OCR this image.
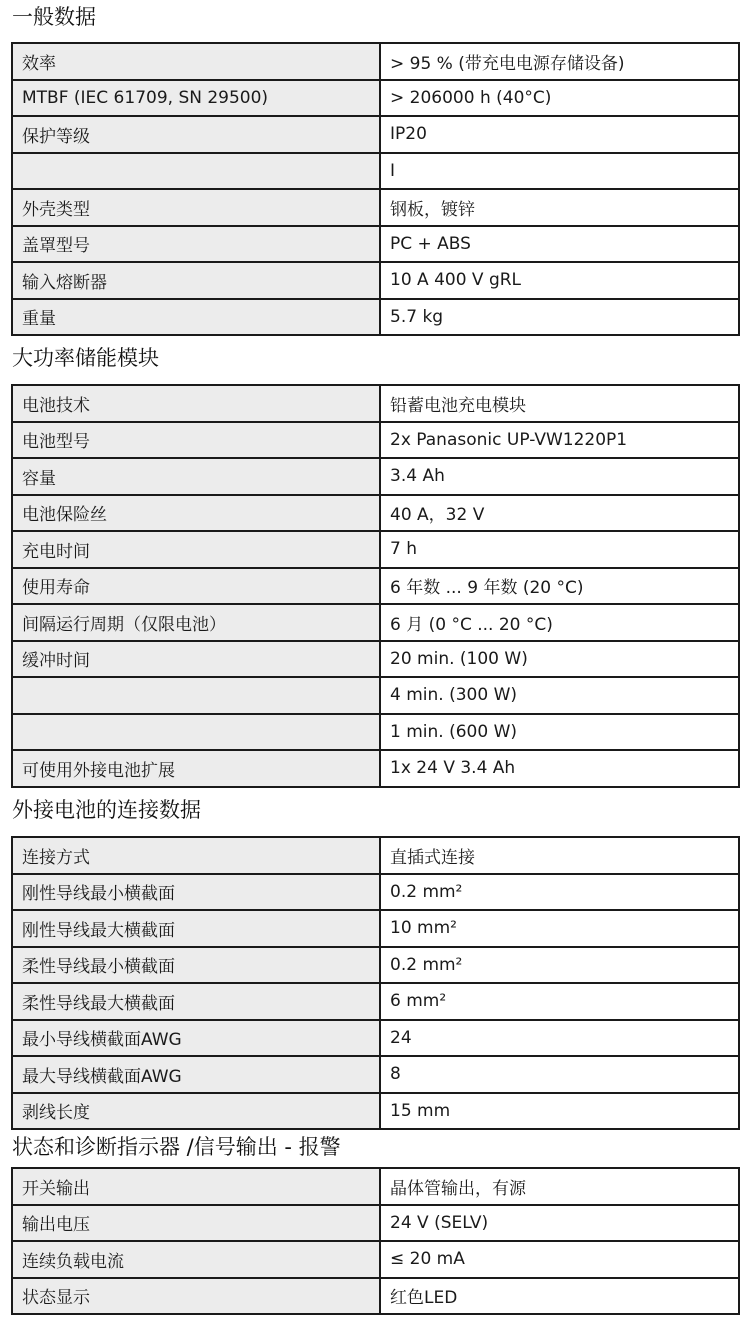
一般数据
效率	> 95 % (带充电电源存储设备)
MTBF (IEC 61709, SN 29500)	> 206000 h (40°C)
保护等级	IP20
	I
外壳类型	钢板，镀锌
盖罩型号	PC + ABS
输入熔断器	10 A 400 V gRL
重量	5.7 kg
大功率储能模块
电池技术	铅蓄电池充电模块
电池型号	2x Panasonic UP-VW1220P1
容量	3.4 Ah
电池保险丝	40 A，32 V
充电时间	7 h
使用寿命	6 年数 ... 9 年数 (20 °C)
间隔运行周期（仅限电池）	6 月 (0 °C ... 20 °C)
缓冲时间	20 min. (100 W)
	4 min. (300 W)
	1 min. (600 W)
可使用外接电池扩展	1x 24 V 3.4 Ah
外接电池的连接数据
连接方式	直插式连接
刚性导线最小横截面	0.2 mm²
刚性导线最大横截面	10 mm²
柔性导线最小横截面	0.2 mm²
柔性导线最大横截面	6 mm²
最小导线横截面AWG	24
最大导线横截面AWG	8
剥线长度	15 mm
状态和诊断指示器 /信号输出 - 报警
开关输出	晶体管输出，有源
输出电压	24 V (SELV)
连续负载电流	≤ 20 mA
状态显示	红色LED
